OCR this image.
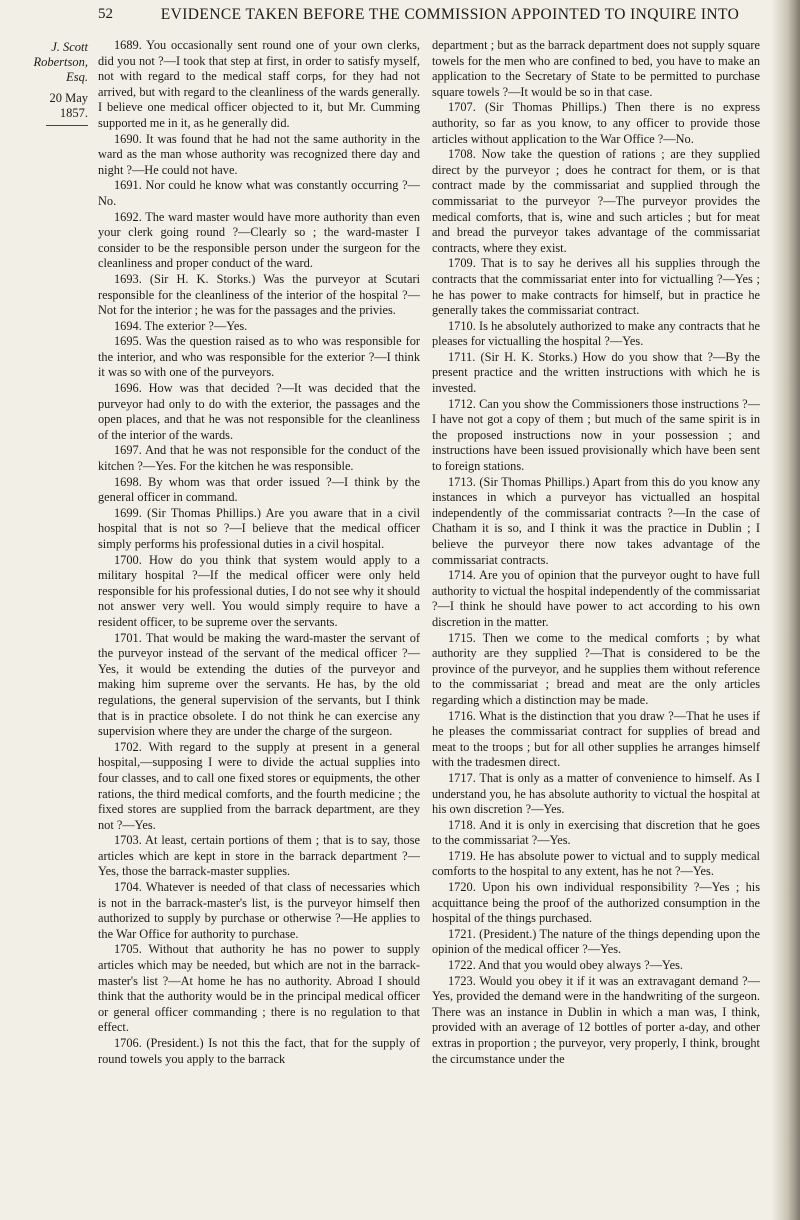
52	EVIDENCE TAKEN BEFORE THE COMMISSION APPOINTED TO INQUIRE INTO
J. Scott Robertson, Esq.
20 May 1857.

1689. You occasionally sent round one of your own clerks, did you not ?—I took that step at first, in order to satisfy myself, not with regard to the medical staff corps, for they had not arrived, but with regard to the cleanliness of the wards generally. I believe one medical officer objected to it, but Mr. Cumming supported me in it, as he generally did.

1690. It was found that he had not the same authority in the ward as the man whose authority was recognized there day and night ?—He could not have.

1691. Nor could he know what was constantly occurring ?—No.

1692. The ward master would have more authority than even your clerk going round ?—Clearly so ; the ward-master I consider to be the responsible person under the surgeon for the cleanliness and proper conduct of the ward.

1693. (Sir H. K. Storks.) Was the purveyor at Scutari responsible for the cleanliness of the interior of the hospital ?—Not for the interior ; he was for the passages and the privies.

1694. The exterior ?—Yes.

1695. Was the question raised as to who was responsible for the interior, and who was responsible for the exterior ?—I think it was so with one of the purveyors.

1696. How was that decided ?—It was decided that the purveyor had only to do with the exterior, the passages and the open places, and that he was not responsible for the cleanliness of the interior of the wards.

1697. And that he was not responsible for the conduct of the kitchen ?—Yes. For the kitchen he was responsible.

1698. By whom was that order issued ?—I think by the general officer in command.

1699. (Sir Thomas Phillips.) Are you aware that in a civil hospital that is not so ?—I believe that the medical officer simply performs his professional duties in a civil hospital.

1700. How do you think that system would apply to a military hospital ?—If the medical officer were only held responsible for his professional duties, I do not see why it should not answer very well. You would simply require to have a resident officer, to be supreme over the servants.

1701. That would be making the ward-master the servant of the purveyor instead of the servant of the medical officer ?—Yes, it would be extending the duties of the purveyor and making him supreme over the servants. He has, by the old regulations, the general supervision of the servants, but I think that is in practice obsolete. I do not think he can exercise any supervision where they are under the charge of the surgeon.

1702. With regard to the supply at present in a general hospital,—supposing I were to divide the actual supplies into four classes, and to call one fixed stores or equipments, the other rations, the third medical comforts, and the fourth medicine ; the fixed stores are supplied from the barrack department, are they not ?—Yes.

1703. At least, certain portions of them ; that is to say, those articles which are kept in store in the barrack department ?—Yes, those the barrack-master supplies.

1704. Whatever is needed of that class of necessaries which is not in the barrack-master's list, is the purveyor himself then authorized to supply by purchase or otherwise ?—He applies to the War Office for authority to purchase.

1705. Without that authority he has no power to supply articles which may be needed, but which are not in the barrack-master's list ?—At home he has no authority. Abroad I should think that the authority would be in the principal medical officer or general officer commanding ; there is no regulation to that effect.

1706. (President.) Is not this the fact, that for the supply of round towels you apply to the barrack

department ; but as the barrack department does not supply square towels for the men who are confined to bed, you have to make an application to the Secretary of State to be permitted to purchase square towels ?—It would be so in that case.

1707. (Sir Thomas Phillips.) Then there is no express authority, so far as you know, to any officer to provide those articles without application to the War Office ?—No.

1708. Now take the question of rations ; are they supplied direct by the purveyor ; does he contract for them, or is that contract made by the commissariat and supplied through the commissariat to the purveyor ?—The purveyor provides the medical comforts, that is, wine and such articles ; but for meat and bread the purveyor takes advantage of the commissariat contracts, where they exist.

1709. That is to say he derives all his supplies through the contracts that the commissariat enter into for victualling ?—Yes ; he has power to make contracts for himself, but in practice he generally takes the commissariat contract.

1710. Is he absolutely authorized to make any contracts that he pleases for victualling the hospital ?—Yes.

1711. (Sir H. K. Storks.) How do you show that ?—By the present practice and the written instructions with which he is invested.

1712. Can you show the Commissioners those instructions ?—I have not got a copy of them ; but much of the same spirit is in the proposed instructions now in your possession ; and instructions have been issued provisionally which have been sent to foreign stations.

1713. (Sir Thomas Phillips.) Apart from this do you know any instances in which a purveyor has victualled an hospital independently of the commissariat contracts ?—In the case of Chatham it is so, and I think it was the practice in Dublin ; I believe the purveyor there now takes advantage of the commissariat contracts.

1714. Are you of opinion that the purveyor ought to have full authority to victual the hospital independently of the commissariat ?—I think he should have power to act according to his own discretion in the matter.

1715. Then we come to the medical comforts ; by what authority are they supplied ?—That is considered to be the province of the purveyor, and he supplies them without reference to the commissariat ; bread and meat are the only articles regarding which a distinction may be made.

1716. What is the distinction that you draw ?—That he uses if he pleases the commissariat contract for supplies of bread and meat to the troops ; but for all other supplies he arranges himself with the tradesmen direct.

1717. That is only as a matter of convenience to himself. As I understand you, he has absolute authority to victual the hospital at his own discretion ?—Yes.

1718. And it is only in exercising that discretion that he goes to the commissariat ?—Yes.

1719. He has absolute power to victual and to supply medical comforts to the hospital to any extent, has he not ?—Yes.

1720. Upon his own individual responsibility ?—Yes ; his acquittance being the proof of the authorized consumption in the hospital of the things purchased.

1721. (President.) The nature of the things depending upon the opinion of the medical officer ?—Yes.

1722. And that you would obey always ?—Yes.

1723. Would you obey it if it was an extravagant demand ?—Yes, provided the demand were in the handwriting of the surgeon. There was an instance in Dublin in which a man was, I think, provided with an average of 12 bottles of porter a-day, and other extras in proportion ; the purveyor, very properly, I think, brought the circumstance under the
